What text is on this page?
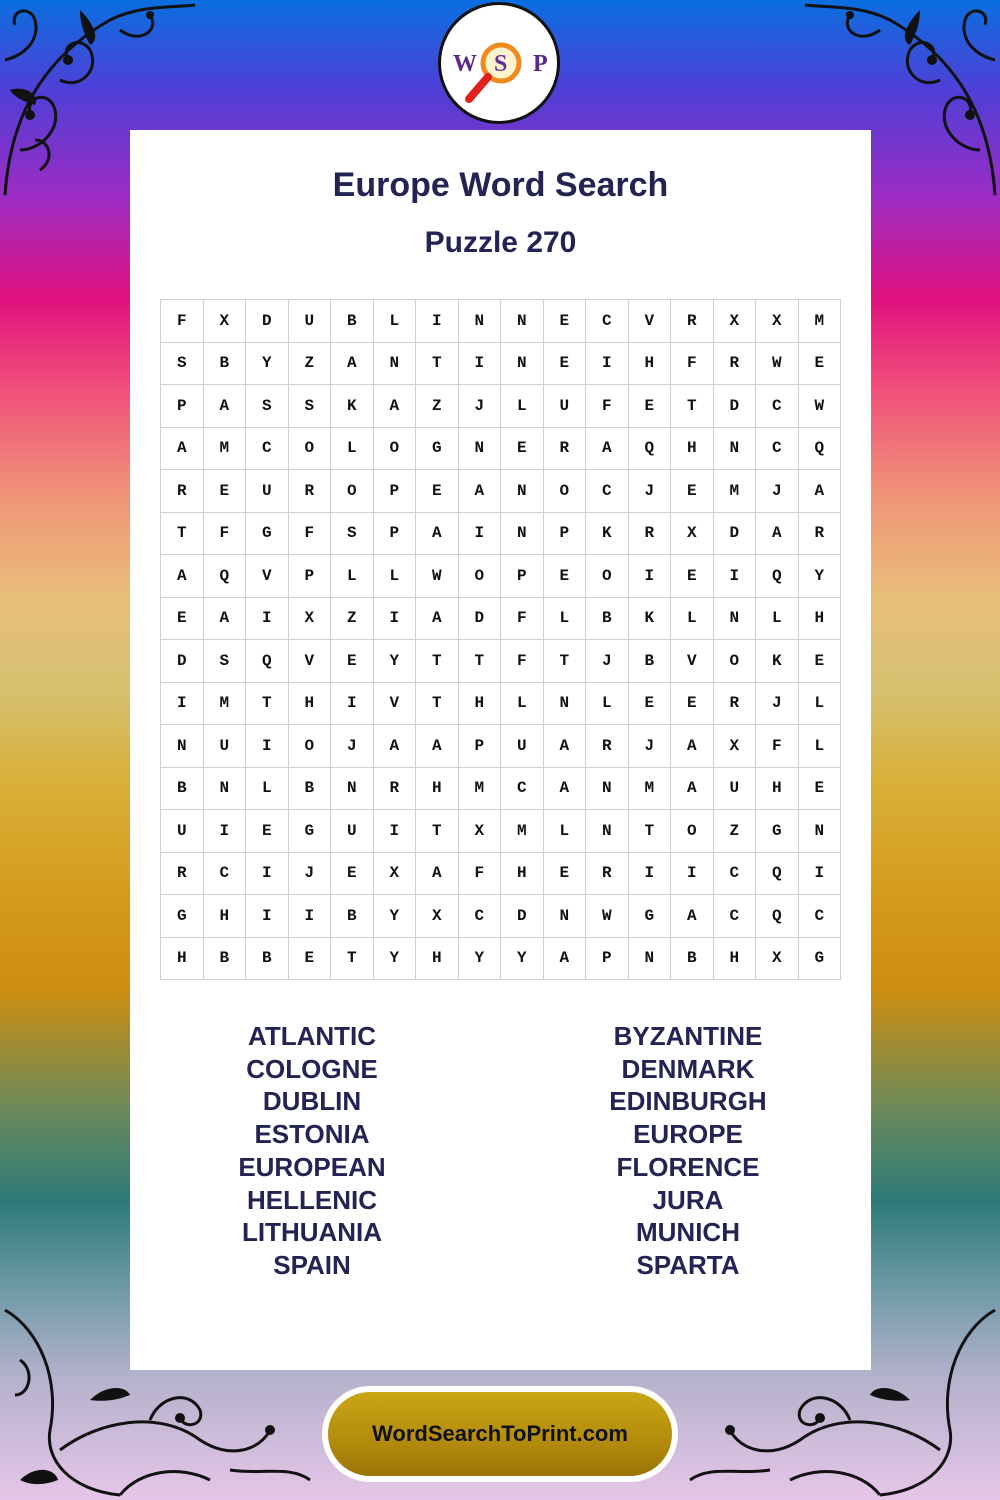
W S P
Europe Word Search
Puzzle 270
F	X	D	U	B	L	I	N	N	E	C	V	R	X	X	M
S	B	Y	Z	A	N	T	I	N	E	I	H	F	R	W	E
P	A	S	S	K	A	Z	J	L	U	F	E	T	D	C	W
A	M	C	O	L	O	G	N	E	R	A	Q	H	N	C	Q
R	E	U	R	O	P	E	A	N	O	C	J	E	M	J	A
T	F	G	F	S	P	A	I	N	P	K	R	X	D	A	R
A	Q	V	P	L	L	W	O	P	E	O	I	E	I	Q	Y
E	A	I	X	Z	I	A	D	F	L	B	K	L	N	L	H
D	S	Q	V	E	Y	T	T	F	T	J	B	V	O	K	E
I	M	T	H	I	V	T	H	L	N	L	E	E	R	J	L
N	U	I	O	J	A	A	P	U	A	R	J	A	X	F	L
B	N	L	B	N	R	H	M	C	A	N	M	A	U	H	E
U	I	E	G	U	I	T	X	M	L	N	T	O	Z	G	N
R	C	I	J	E	X	A	F	H	E	R	I	I	C	Q	I
G	H	I	I	B	Y	X	C	D	N	W	G	A	C	Q	C
H	B	B	E	T	Y	H	Y	Y	A	P	N	B	H	X	G
ATLANTIC
COLOGNE
DUBLIN
ESTONIA
EUROPEAN
HELLENIC
LITHUANIA
SPAIN
BYZANTINE
DENMARK
EDINBURGH
EUROPE
FLORENCE
JURA
MUNICH
SPARTA
WordSearchToPrint.com
